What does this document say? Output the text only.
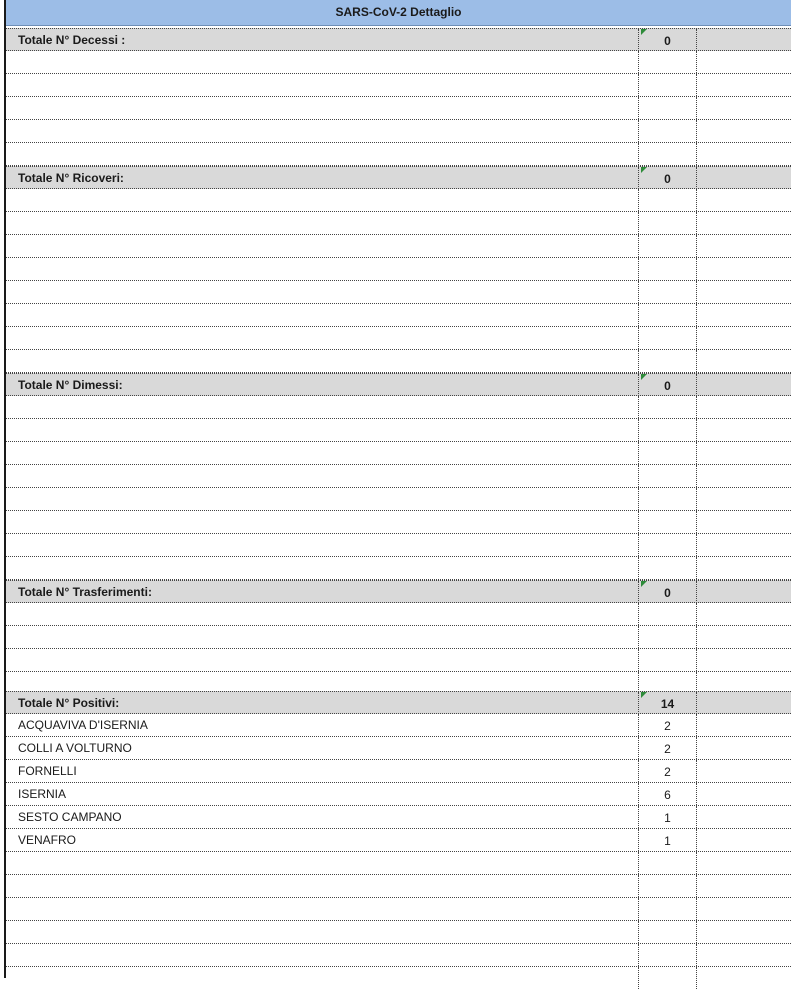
SARS-CoV-2 Dettaglio
Totale N° Decessi :	0
Totale N° Ricoveri:	0
Totale N° Dimessi:	0
Totale N° Trasferimenti:	0
Totale N° Positivi:	14
ACQUAVIVA D'ISERNIA	2
COLLI A VOLTURNO	2
FORNELLI	2
ISERNIA	6
SESTO CAMPANO	1
VENAFRO	1
